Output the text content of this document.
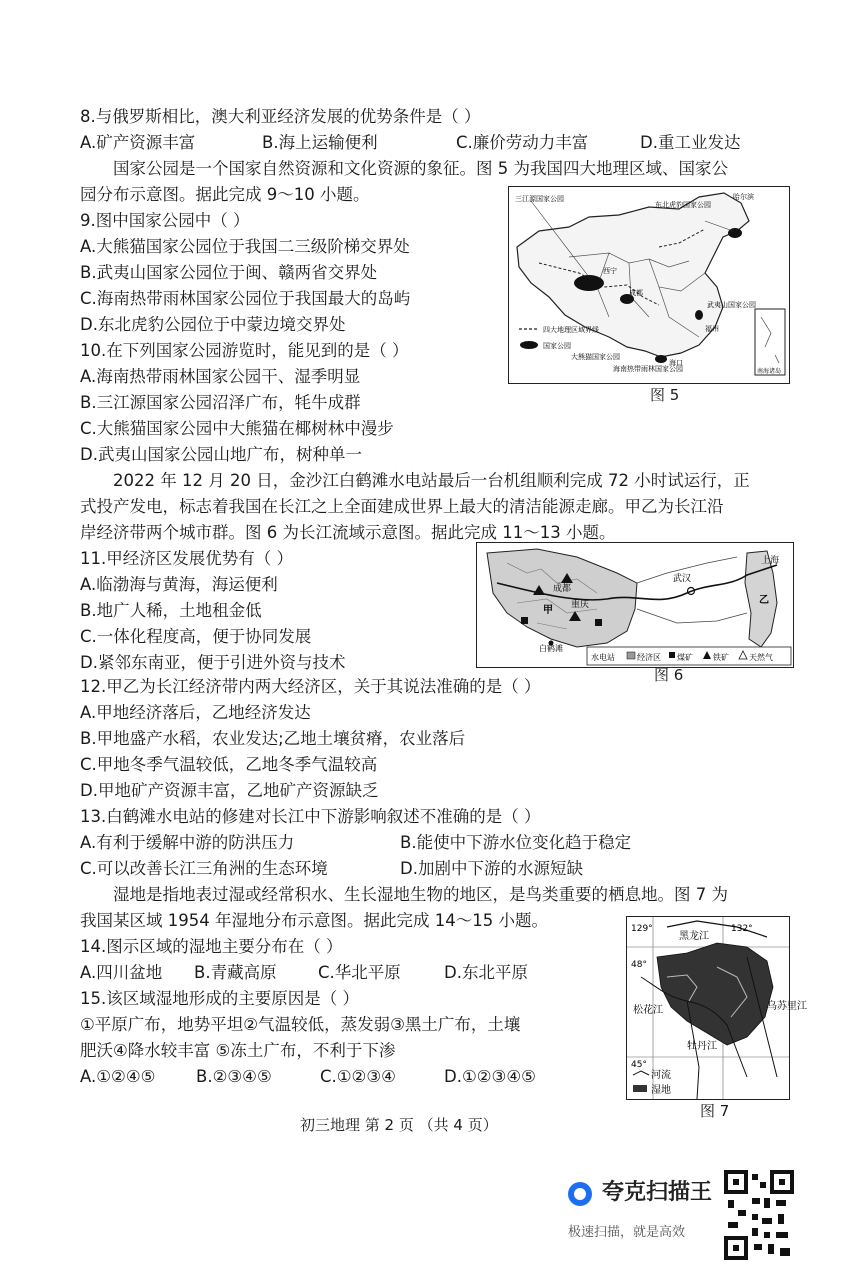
8.与俄罗斯相比，澳大利亚经济发展的优势条件是（ ）
A.矿产资源丰富	B.海上运输便利	C.廉价劳动力丰富	D.重工业发达
国家公园是一个国家自然资源和文化资源的象征。图 5 为我国四大地理区域、国家公
园分布示意图。据此完成 9～10 小题。
9.图中国家公园中（ ）
A.大熊猫国家公园位于我国二三级阶梯交界处
B.武夷山国家公园位于闽、赣两省交界处
C.海南热带雨林国家公园位于我国最大的岛屿
D.东北虎豹公园位于中蒙边境交界处
10.在下列国家公园游览时，能见到的是（ ）
A.海南热带雨林国家公园干、湿季明显
B.三江源国家公园沼泽广布，牦牛成群
C.大熊猫国家公园中大熊猫在椰树林中漫步
D.武夷山国家公园山地广布，树种单一
三江源国家公园
东北虎豹国家公园
哈尔滨
西宁
成都
武夷山国家公园
福州
大熊猫国家公园
海南热带雨林国家公园
海口
南海诸岛
四大地理区域界线
国家公园
图 5
2022 年 12 月 20 日，金沙江白鹤滩水电站最后一台机组顺利完成 72 小时试运行，正
式投产发电，标志着我国在长江之上全面建成世界上最大的清洁能源走廊。甲乙为长江沿
岸经济带两个城市群。图 6 为长江流域示意图。据此完成 11～13 小题。
11.甲经济区发展优势有（ ）
A.临渤海与黄海，海运便利
B.地广人稀，土地租金低
C.一体化程度高，便于协同发展
D.紧邻东南亚，便于引进外资与技术
成都
重庆
武汉
上海
白鹤滩
甲
乙
水电站	经济区 煤矿	铁矿	天然气
图 6
12.甲乙为长江经济带内两大经济区，关于其说法准确的是（ ）
A.甲地经济落后，乙地经济发达
B.甲地盛产水稻，农业发达;乙地土壤贫瘠，农业落后
C.甲地冬季气温较低，乙地冬季气温较高
D.甲地矿产资源丰富，乙地矿产资源缺乏
13.白鹤滩水电站的修建对长江中下游影响叙述不准确的是（ ）
A.有利于缓解中游的防洪压力	B.能使中下游水位变化趋于稳定
C.可以改善长江三角洲的生态环境	D.加剧中下游的水源短缺
湿地是指地表过湿或经常积水、生长湿地生物的地区，是鸟类重要的栖息地。图 7 为
我国某区域 1954 年湿地分布示意图。据此完成 14～15 小题。
14.图示区域的湿地主要分布在（ ）
A.四川盆地 B.青藏高原	C.华北平原	D.东北平原
15.该区域湿地形成的主要原因是（ ）
①平原广布，地势平坦②气温较低，蒸发弱③黑土广布，土壤
肥沃④降水较丰富 ⑤冻土广布，不利于下渗
A.①②④⑤ B.②③④⑤	C.①②③④	D.①②③④⑤
129°	132°
48°
45°
黑龙江
乌苏里江
松花江
牡丹江
河流
湿地
图 7
初三地理 第 2 页 （共 4 页）
夸克扫描王
极速扫描，就是高效
